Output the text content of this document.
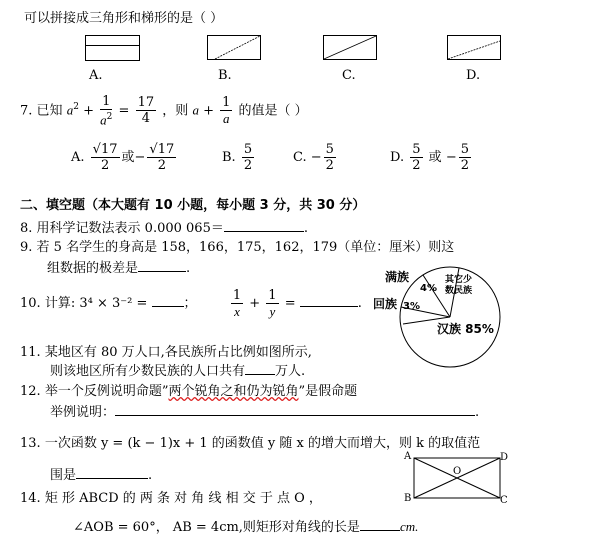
可以拼接成三角形和梯形的是（ ）
A.	B.	C.	D.
7. 已知 $a^2 + \frac{1}{a^2} = \frac{17}{4}$ ，则 $a + \frac{1}{a}$ 的值是（ ）
A. $\frac{√17}{2}$ 或− $\frac{√17}{2}$	B. $\frac{5}{2}$	C. − $\frac{5}{2}$	D. $\frac{5}{2}$ 或 − $\frac{5}{2}$
二、填空题（本大题有 10 小题，每小题 3 分，共 30 分）
8. 用科学记数法表示 0.000 065＝	.
9. 若 5 名学生的身高是 158，166，175，162，179（单位：厘米）则这
组数据的极差是	.
10. 计算: 3⁴ × 3⁻² =	；	$\frac{1}{x} + \frac{1}{y}$ =	.
满族
回族
其它少
数民族
4%
3%
汉族 85%
11. 某地区有 80 万人口,各民族所占比例如图所示,
则该地区所有少数民族的人口共有 万人.
12. 举一个反例说明命题”两个锐角之和仍为锐角”是假命题
举例说明：	.
13. 一次函数 y = (k − 1)x + 1 的函数值 y 随 x 的增大而增大，则 k 的取值范
围是	.
A	D
B	C
O
14. 矩 形 ABCD 的 两 条 对 角 线 相 交 于 点 O ，
∠AOB = 60°， AB = 4cm,则矩形对角线的长是	cm.
